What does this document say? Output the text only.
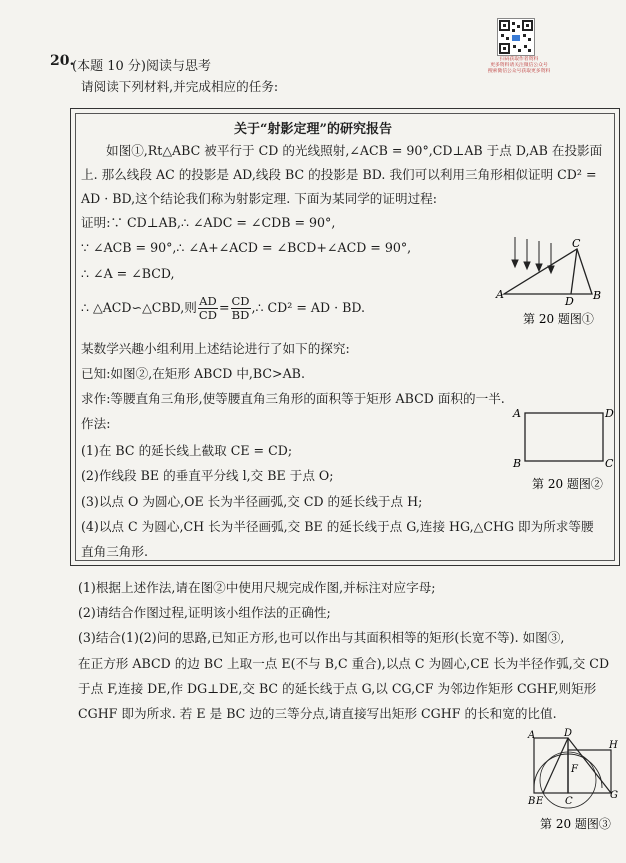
扫码获取作者资料
更多资料请关注微信公众号
搜索微信公众号获取更多资料
20.
(本题 10 分)阅读与思考
请阅读下列材料,并完成相应的任务:
关于“射影定理”的研究报告
如图①,Rt△ABC 被平行于 CD 的光线照射,∠ACB = 90°,CD⊥AB 于点 D,AB 在投影面
上. 那么线段 AC 的投影是 AD,线段 BC 的投影是 BD. 我们可以利用三角形相似证明 CD² =
AD · BD,这个结论我们称为射影定理. 下面为某同学的证明过程:
证明:∵ CD⊥AB,∴ ∠ADC = ∠CDB = 90°,
∵ ∠ACB = 90°,∴ ∠A+∠ACD = ∠BCD+∠ACD = 90°,
∴ ∠A = ∠BCD,
∴ △ACD∽△CBD,则 $\frac{AD}{CD} = \frac{CD}{BD}$ ,∴ CD² = AD · BD.
某数学兴趣小组利用上述结论进行了如下的探究:
已知:如图②,在矩形 ABCD 中,BC>AB.
求作:等腰直角三角形,使等腰直角三角形的面积等于矩形 ABCD 面积的一半.
作法:
(1)在 BC 的延长线上截取 CE = CD;
(2)作线段 BE 的垂直平分线 l,交 BE 于点 O;
(3)以点 O 为圆心,OE 长为半径画弧,交 CD 的延长线于点 H;
(4)以点 C 为圆心,CH 长为半径画弧,交 BE 的延长线于点 G,连接 HG,△CHG 即为所求等腰
直角三角形.
A	B
C
D
第 20 题图①
A	D
B	C
第 20 题图②
(1)根据上述作法,请在图②中使用尺规完成作图,并标注对应字母;
(2)请结合作图过程,证明该小组作法的正确性;
(3)结合(1)(2)问的思路,已知正方形,也可以作出与其面积相等的矩形(长宽不等). 如图③,
在正方形 ABCD 的边 BC 上取一点 E(不与 B,C 重合),以点 C 为圆心,CE 长为半径作弧,交 CD
于点 F,连接 DE,作 DG⊥DE,交 BC 的延长线于点 G,以 CG,CF 为邻边作矩形 CGHF,则矩形
CGHF 即为所求. 若 E 是 BC 边的三等分点,请直接写出矩形 CGHF 的长和宽的比值.
A	D
H
F
B E C
G
第 20 题图③
